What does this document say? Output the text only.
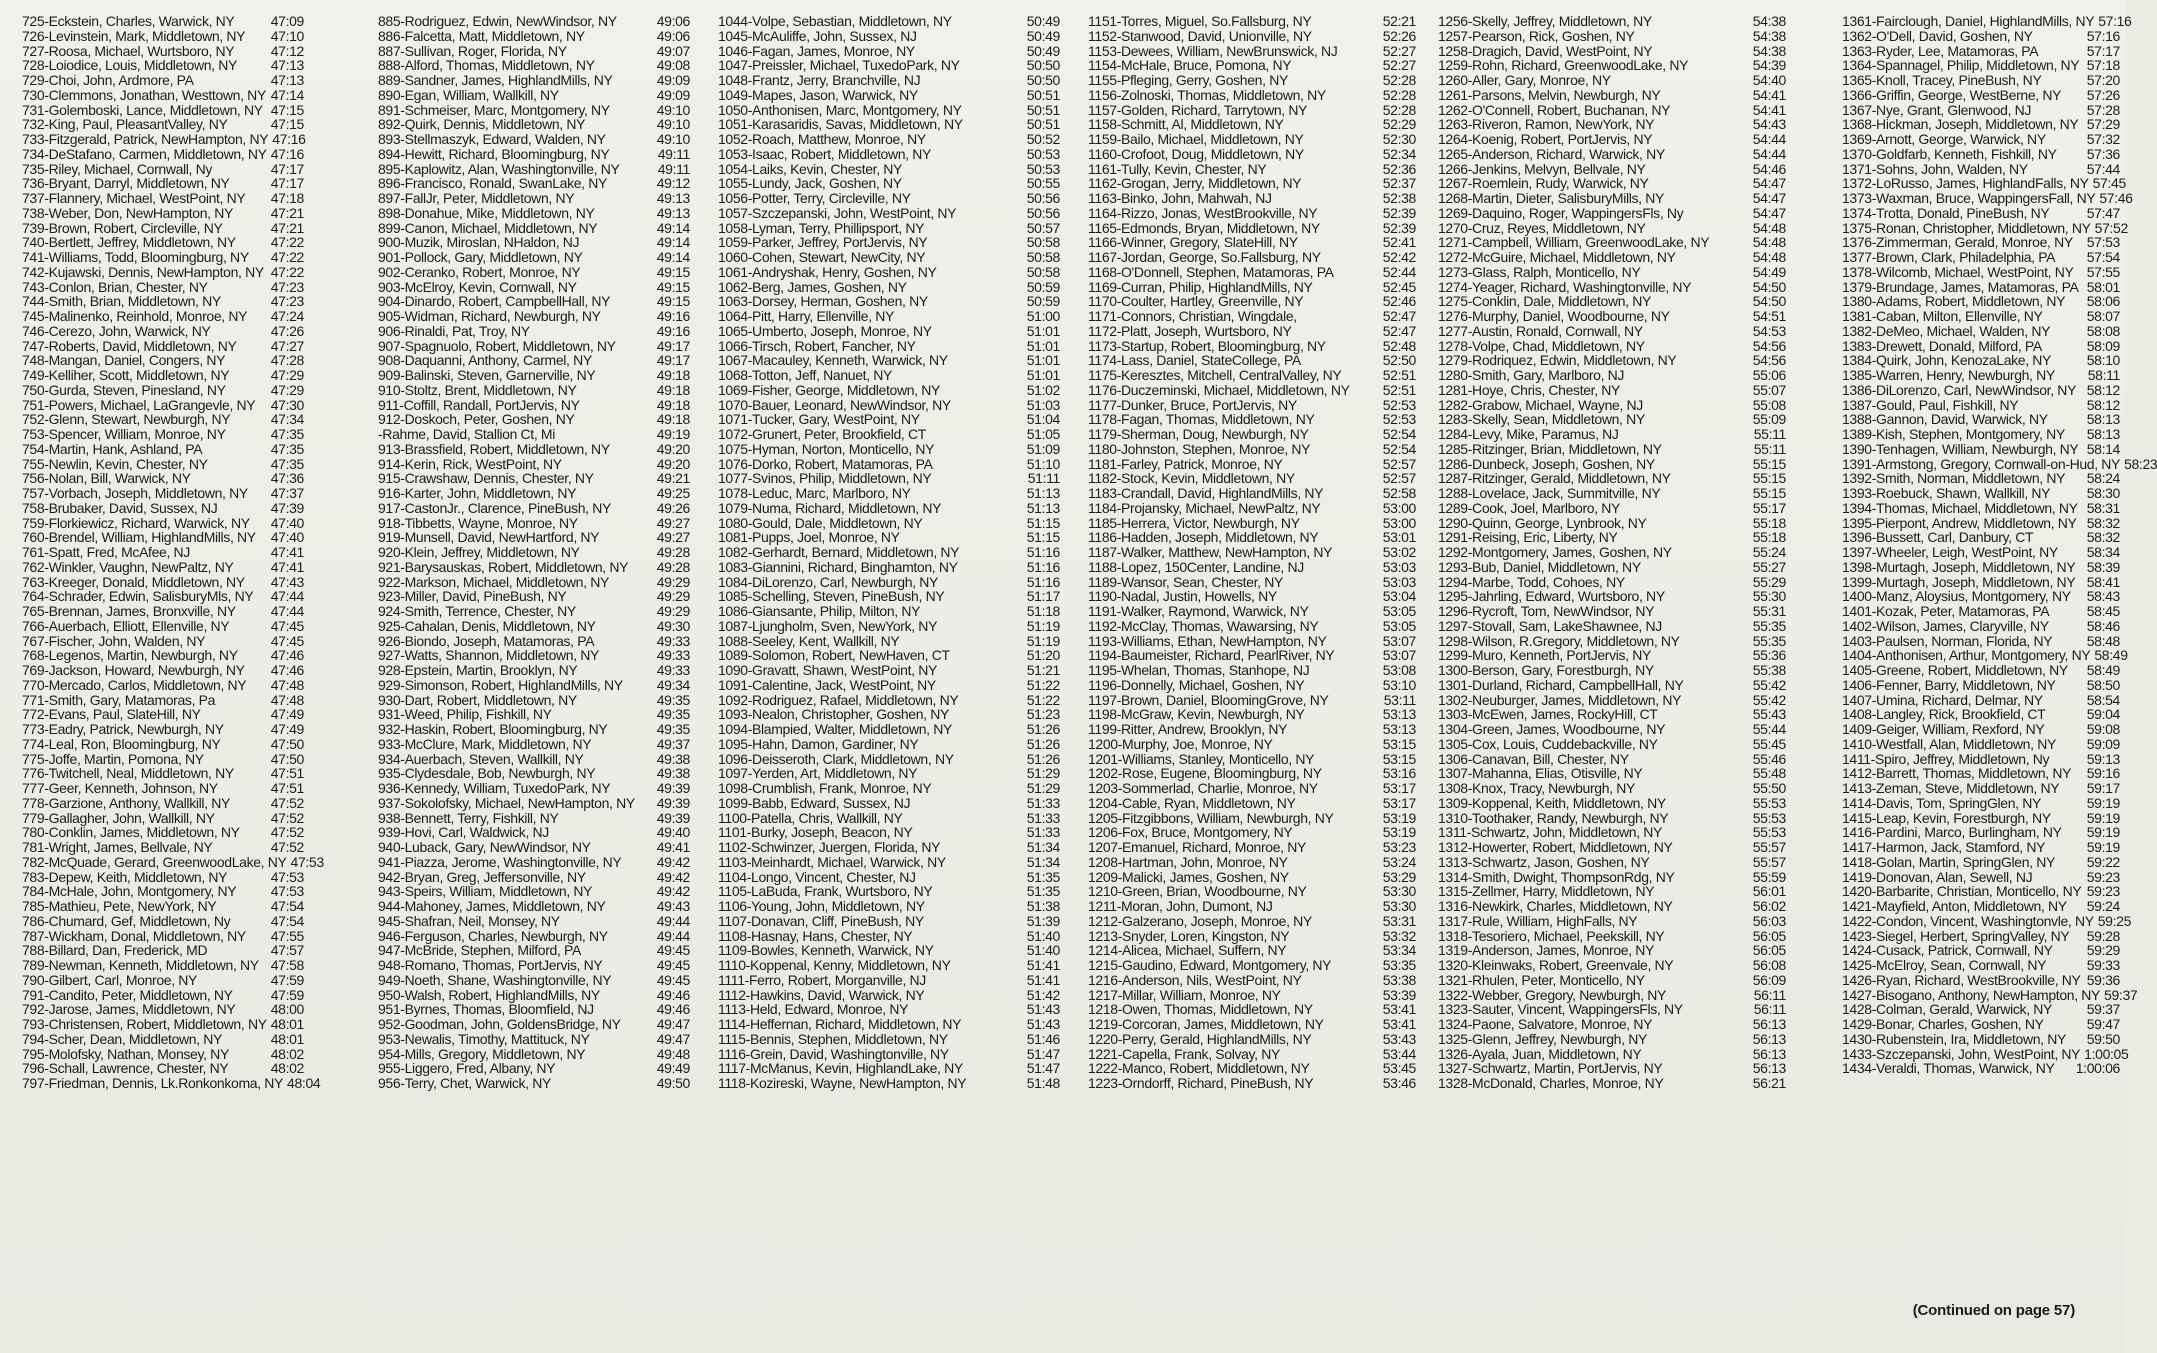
725-Eckstein, Charles, Warwick, NY	47:09
726-Levinstein, Mark, Middletown, NY 47:10
727-Roosa, Michael, Wurtsboro, NY	47:12
728-Loiodice, Louis, Middletown, NY 47:13
729-Choi, John, Ardmore, PA	47:13
730-Clemmons, Jonathan, Westtown, NY 47:14
731-Golemboski, Lance, Middletown, NY 47:15
732-King, Paul, PleasantValley, NY	47:15
733-Fitzgerald, Patrick, NewHampton, NY 47:16
734-DeStafano, Carmen, Middletown, NY 47:16
735-Riley, Michael, Cornwall, Ny	47:17
736-Bryant, Darryl, Middletown, NY	47:17
737-Flannery, Michael, WestPoint, NY 47:18
738-Weber, Don, NewHampton, NY	47:21
739-Brown, Robert, Circleville, NY	47:21
740-Bertlett, Jeffrey, Middletown, NY 47:22
741-Williams, Todd, Bloomingburg, NY 47:22
742-Kujawski, Dennis, NewHampton, NY 47:22
743-Conlon, Brian, Chester, NY	47:23
744-Smith, Brian, Middletown, NY	47:23
745-Malinenko, Reinhold, Monroe, NY 47:24
746-Cerezo, John, Warwick, NY	47:26
747-Roberts, David, Middletown, NY 47:27
748-Mangan, Daniel, Congers, NY	47:28
749-Kelliher, Scott, Middletown, NY	47:29
750-Gurda, Steven, Pinesland, NY	47:29
751-Powers, Michael, LaGrangevle, NY 47:30
752-Glenn, Stewart, Newburgh, NY	47:34
753-Spencer, William, Monroe, NY	47:35
754-Martin, Hank, Ashland, PA	47:35
755-Newlin, Kevin, Chester, NY	47:35
756-Nolan, Bill, Warwick, NY	47:36
757-Vorbach, Joseph, Middletown, NY 47:37
758-Brubaker, David, Sussex, NJ	47:39
759-Florkiewicz, Richard, Warwick, NY 47:40
760-Brendel, William, HighlandMills, NY 47:40
761-Spatt, Fred, McAfee, NJ	47:41
762-Winkler, Vaughn, NewPaltz, NY	47:41
763-Kreeger, Donald, Middletown, NY 47:43
764-Schrader, Edwin, SalisburyMls, NY 47:44
765-Brennan, James, Bronxville, NY 47:44
766-Auerbach, Elliott, Ellenville, NY	47:45
767-Fischer, John, Walden, NY	47:45
768-Legenos, Martin, Newburgh, NY 47:46
769-Jackson, Howard, Newburgh, NY 47:46
770-Mercado, Carlos, Middletown, NY 47:48
771-Smith, Gary, Matamoras, Pa	47:48
772-Evans, Paul, SlateHill, NY	47:49
773-Eadry, Patrick, Newburgh, NY	47:49
774-Leal, Ron, Bloomingburg, NY	47:50
775-Joffe, Martin, Pomona, NY	47:50
776-Twitchell, Neal, Middletown, NY	47:51
777-Geer, Kenneth, Johnson, NY	47:51
778-Garzione, Anthony, Wallkill, NY	47:52
779-Gallagher, John, Wallkill, NY	47:52
780-Conklin, James, Middletown, NY 47:52
781-Wright, James, Bellvale, NY	47:52
782-McQuade, Gerard, GreenwoodLake, NY 47:53
783-Depew, Keith, Middletown, NY	47:53
784-McHale, John, Montgomery, NY 47:53
785-Mathieu, Pete, NewYork, NY	47:54
786-Chumard, Gef, Middletown, Ny	47:54
787-Wickham, Donal, Middletown, NY 47:55
788-Billard, Dan, Frederick, MD	47:57
789-Newman, Kenneth, Middletown, NY 47:58
790-Gilbert, Carl, Monroe, NY	47:59
791-Candito, Peter, Middletown, NY	47:59
792-Jarose, James, Middletown, NY	48:00
793-Christensen, Robert, Middletown, NY 48:01
794-Scher, Dean, Middletown, NY	48:01
795-Molofsky, Nathan, Monsey, NY	48:02
796-Schall, Lawrence, Chester, NY	48:02
797-Friedman, Dennis, Lk.Ronkonkoma, NY 48:04
885-Rodriguez, Edwin, NewWindsor, NY	49:06
886-Falcetta, Matt, Middletown, NY	49:06
887-Sullivan, Roger, Florida, NY	49:07
888-Alford, Thomas, Middletown, NY	49:08
889-Sandner, James, HighlandMills, NY	49:09
890-Egan, William, Wallkill, NY	49:09
891-Schmeiser, Marc, Montgomery, NY	49:10
892-Quirk, Dennis, Middletown, NY	49:10
893-Stellmaszyk, Edward, Walden, NY	49:10
894-Hewitt, Richard, Bloomingburg, NY	49:11
895-Kaplowitz, Alan, Washingtonville, NY	49:11
896-Francisco, Ronald, SwanLake, NY	49:12
897-FallJr, Peter, Middletown, NY	49:13
898-Donahue, Mike, Middletown, NY	49:13
899-Canon, Michael, Middletown, NY	49:14
900-Muzik, Miroslan, NHaldon, NJ	49:14
901-Pollock, Gary, Middletown, NY	49:14
902-Ceranko, Robert, Monroe, NY	49:15
903-McElroy, Kevin, Cornwall, NY	49:15
904-Dinardo, Robert, CampbellHall, NY	49:15
905-Widman, Richard, Newburgh, NY	49:16
906-Rinaldi, Pat, Troy, NY	49:16
907-Spagnuolo, Robert, Middletown, NY	49:17
908-Daquanni, Anthony, Carmel, NY	49:17
909-Balinski, Steven, Garnerville, NY	49:18
910-Stoltz, Brent, Middletown, NY	49:18
911-Coffill, Randall, PortJervis, NY	49:18
912-Doskoch, Peter, Goshen, NY	49:18
-Rahme, David, Stallion Ct, Mi	49:19
913-Brassfield, Robert, Middletown, NY	49:20
914-Kerin, Rick, WestPoint, NY	49:20
915-Crawshaw, Dennis, Chester, NY	49:21
916-Karter, John, Middletown, NY	49:25
917-CastonJr., Clarence, PineBush, NY	49:26
918-Tibbetts, Wayne, Monroe, NY	49:27
919-Munsell, David, NewHartford, NY	49:27
920-Klein, Jeffrey, Middletown, NY	49:28
921-Barysauskas, Robert, Middletown, NY 49:28
922-Markson, Michael, Middletown, NY	49:29
923-Miller, David, PineBush, NY	49:29
924-Smith, Terrence, Chester, NY	49:29
925-Cahalan, Denis, Middletown, NY	49:30
926-Biondo, Joseph, Matamoras, PA	49:33
927-Watts, Shannon, Middletown, NY	49:33
928-Epstein, Martin, Brooklyn, NY	49:33
929-Simonson, Robert, HighlandMills, NY 49:34
930-Dart, Robert, Middletown, NY	49:35
931-Weed, Philip, Fishkill, NY	49:35
932-Haskin, Robert, Bloomingburg, NY	49:35
933-McClure, Mark, Middletown, NY	49:37
934-Auerbach, Steven, Wallkill, NY	49:38
935-Clydesdale, Bob, Newburgh, NY	49:38
936-Kennedy, William, TuxedoPark, NY	49:39
937-Sokolofsky, Michael, NewHampton, NY 49:39
938-Bennett, Terry, Fishkill, NY	49:39
939-Hovi, Carl, Waldwick, NJ	49:40
940-Luback, Gary, NewWindsor, NY	49:41
941-Piazza, Jerome, Washingtonville, NY	49:42
942-Bryan, Greg, Jeffersonville, NY	49:42
943-Speirs, William, Middletown, NY	49:42
944-Mahoney, James, Middletown, NY	49:43
945-Shafran, Neil, Monsey, NY	49:44
946-Ferguson, Charles, Newburgh, NY	49:44
947-McBride, Stephen, Milford, PA	49:45
948-Romano, Thomas, PortJervis, NY	49:45
949-Noeth, Shane, Washingtonville, NY	49:45
950-Walsh, Robert, HighlandMills, NY	49:46
951-Byrnes, Thomas, Bloomfield, NJ	49:46
952-Goodman, John, GoldensBridge, NY	49:47
953-Newalis, Timothy, Mattituck, NY	49:47
954-Mills, Gregory, Middletown, NY	49:48
955-Liggero, Fred, Albany, NY	49:49
956-Terry, Chet, Warwick, NY	49:50
1044-Volpe, Sebastian, Middletown, NY	50:49
1045-McAuliffe, John, Sussex, NJ	50:49
1046-Fagan, James, Monroe, NY	50:49
1047-Preissler, Michael, TuxedoPark, NY	50:50
1048-Frantz, Jerry, Branchville, NJ	50:50
1049-Mapes, Jason, Warwick, NY	50:51
1050-Anthonisen, Marc, Montgomery, NY	50:51
1051-Karasaridis, Savas, Middletown, NY	50:51
1052-Roach, Matthew, Monroe, NY	50:52
1053-Isaac, Robert, Middletown, NY	50:53
1054-Laiks, Kevin, Chester, NY	50:53
1055-Lundy, Jack, Goshen, NY	50:55
1056-Potter, Terry, Circleville, NY	50:56
1057-Szczepanski, John, WestPoint, NY	50:56
1058-Lyman, Terry, Phillipsport, NY	50:57
1059-Parker, Jeffrey, PortJervis, NY	50:58
1060-Cohen, Stewart, NewCity, NY	50:58
1061-Andryshak, Henry, Goshen, NY	50:58
1062-Berg, James, Goshen, NY	50:59
1063-Dorsey, Herman, Goshen, NY	50:59
1064-Pitt, Harry, Ellenville, NY	51:00
1065-Umberto, Joseph, Monroe, NY	51:01
1066-Tirsch, Robert, Fancher, NY	51:01
1067-Macauley, Kenneth, Warwick, NY	51:01
1068-Totton, Jeff, Nanuet, NY	51:01
1069-Fisher, George, Middletown, NY	51:02
1070-Bauer, Leonard, NewWindsor, NY	51:03
1071-Tucker, Gary, WestPoint, NY	51:04
1072-Grunert, Peter, Brookfield, CT	51:05
1075-Hyman, Norton, Monticello, NY	51:09
1076-Dorko, Robert, Matamoras, PA	51:10
1077-Svinos, Philip, Middletown, NY	51:11
1078-Leduc, Marc, Marlboro, NY	51:13
1079-Numa, Richard, Middletown, NY	51:13
1080-Gould, Dale, Middletown, NY	51:15
1081-Pupps, Joel, Monroe, NY	51:15
1082-Gerhardt, Bernard, Middletown, NY	51:16
1083-Giannini, Richard, Binghamton, NY	51:16
1084-DiLorenzo, Carl, Newburgh, NY	51:16
1085-Schelling, Steven, PineBush, NY	51:17
1086-Giansante, Philip, Milton, NY	51:18
1087-Ljungholm, Sven, NewYork, NY	51:19
1088-Seeley, Kent, Wallkill, NY	51:19
1089-Solomon, Robert, NewHaven, CT	51:20
1090-Gravatt, Shawn, WestPoint, NY	51:21
1091-Calentine, Jack, WestPoint, NY	51:22
1092-Rodriguez, Rafael, Middletown, NY	51:22
1093-Nealon, Christopher, Goshen, NY	51:23
1094-Blampied, Walter, Middletown, NY	51:26
1095-Hahn, Damon, Gardiner, NY	51:26
1096-Deisseroth, Clark, Middletown, NY	51:26
1097-Yerden, Art, Middletown, NY	51:29
1098-Crumblish, Frank, Monroe, NY	51:29
1099-Babb, Edward, Sussex, NJ	51:33
1100-Patella, Chris, Wallkill, NY	51:33
1101-Burky, Joseph, Beacon, NY	51:33
1102-Schwinzer, Juergen, Florida, NY	51:34
1103-Meinhardt, Michael, Warwick, NY	51:34
1104-Longo, Vincent, Chester, NJ	51:35
1105-LaBuda, Frank, Wurtsboro, NY	51:35
1106-Young, John, Middletown, NY	51:38
1107-Donavan, Cliff, PineBush, NY	51:39
1108-Hasnay, Hans, Chester, NY	51:40
1109-Bowles, Kenneth, Warwick, NY	51:40
1110-Koppenal, Kenny, Middletown, NY	51:41
1111-Ferro, Robert, Morganville, NJ	51:41
1112-Hawkins, David, Warwick, NY	51:42
1113-Held, Edward, Monroe, NY	51:43
1114-Heffernan, Richard, Middletown, NY	51:43
1115-Bennis, Stephen, Middletown, NY	51:46
1116-Grein, David, Washingtonville, NY	51:47
1117-McManus, Kevin, HighlandLake, NY	51:47
1118-Kozireski, Wayne, NewHampton, NY	51:48
1151-Torres, Miguel, So.Fallsburg, NY	52:21
1152-Stanwood, David, Unionville, NY	52:26
1153-Dewees, William, NewBrunswick, NJ	52:27
1154-McHale, Bruce, Pomona, NY	52:27
1155-Pfleging, Gerry, Goshen, NY	52:28
1156-Zolnoski, Thomas, Middletown, NY	52:28
1157-Golden, Richard, Tarrytown, NY	52:28
1158-Schmitt, Al, Middletown, NY	52:29
1159-Bailo, Michael, Middletown, NY	52:30
1160-Crofoot, Doug, Middletown, NY	52:34
1161-Tully, Kevin, Chester, NY	52:36
1162-Grogan, Jerry, Middletown, NY	52:37
1163-Binko, John, Mahwah, NJ	52:38
1164-Rizzo, Jonas, WestBrookville, NY	52:39
1165-Edmonds, Bryan, Middletown, NY	52:39
1166-Winner, Gregory, SlateHill, NY	52:41
1167-Jordan, George, So.Fallsburg, NY	52:42
1168-O'Donnell, Stephen, Matamoras, PA	52:44
1169-Curran, Philip, HighlandMills, NY	52:45
1170-Coulter, Hartley, Greenville, NY	52:46
1171-Connors, Christian, Wingdale,	52:47
1172-Platt, Joseph, Wurtsboro, NY	52:47
1173-Startup, Robert, Bloomingburg, NY	52:48
1174-Lass, Daniel, StateCollege, PA	52:50
1175-Keresztes, Mitchell, CentralValley, NY	52:51
1176-Duczeminski, Michael, Middletown, NY 52:51
1177-Dunker, Bruce, PortJervis, NY	52:53
1178-Fagan, Thomas, Middletown, NY	52:53
1179-Sherman, Doug, Newburgh, NY	52:54
1180-Johnston, Stephen, Monroe, NY	52:54
1181-Farley, Patrick, Monroe, NY	52:57
1182-Stock, Kevin, Middletown, NY	52:57
1183-Crandall, David, HighlandMills, NY	52:58
1184-Projansky, Michael, NewPaltz, NY	53:00
1185-Herrera, Victor, Newburgh, NY	53:00
1186-Hadden, Joseph, Middletown, NY	53:01
1187-Walker, Matthew, NewHampton, NY	53:02
1188-Lopez, 150Center, Landine, NJ	53:03
1189-Wansor, Sean, Chester, NY	53:03
1190-Nadal, Justin, Howells, NY	53:04
1191-Walker, Raymond, Warwick, NY	53:05
1192-McClay, Thomas, Wawarsing, NY	53:05
1193-Williams, Ethan, NewHampton, NY	53:07
1194-Baumeister, Richard, PearlRiver, NY	53:07
1195-Whelan, Thomas, Stanhope, NJ	53:08
1196-Donnelly, Michael, Goshen, NY	53:10
1197-Brown, Daniel, BloomingGrove, NY	53:11
1198-McGraw, Kevin, Newburgh, NY	53:13
1199-Ritter, Andrew, Brooklyn, NY	53:13
1200-Murphy, Joe, Monroe, NY	53:15
1201-Williams, Stanley, Monticello, NY	53:15
1202-Rose, Eugene, Bloomingburg, NY	53:16
1203-Sommerlad, Charlie, Monroe, NY	53:17
1204-Cable, Ryan, Middletown, NY	53:17
1205-Fitzgibbons, William, Newburgh, NY	53:19
1206-Fox, Bruce, Montgomery, NY	53:19
1207-Emanuel, Richard, Monroe, NY	53:23
1208-Hartman, John, Monroe, NY	53:24
1209-Malicki, James, Goshen, NY	53:29
1210-Green, Brian, Woodbourne, NY	53:30
1211-Moran, John, Dumont, NJ	53:30
1212-Galzerano, Joseph, Monroe, NY	53:31
1213-Snyder, Loren, Kingston, NY	53:32
1214-Alicea, Michael, Suffern, NY	53:34
1215-Gaudino, Edward, Montgomery, NY	53:35
1216-Anderson, Nils, WestPoint, NY	53:38
1217-Millar, William, Monroe, NY	53:39
1218-Owen, Thomas, Middletown, NY	53:41
1219-Corcoran, James, Middletown, NY	53:41
1220-Perry, Gerald, HighlandMills, NY	53:43
1221-Capella, Frank, Solvay, NY	53:44
1222-Manco, Robert, Middletown, NY	53:45
1223-Orndorff, Richard, PineBush, NY	53:46
1256-Skelly, Jeffrey, Middletown, NY	54:38
1257-Pearson, Rick, Goshen, NY	54:38
1258-Dragich, David, WestPoint, NY	54:38
1259-Rohn, Richard, GreenwoodLake, NY	54:39
1260-Aller, Gary, Monroe, NY	54:40
1261-Parsons, Melvin, Newburgh, NY	54:41
1262-O'Connell, Robert, Buchanan, NY	54:41
1263-Riveron, Ramon, NewYork, NY	54:43
1264-Koenig, Robert, PortJervis, NY	54:44
1265-Anderson, Richard, Warwick, NY	54:44
1266-Jenkins, Melvyn, Bellvale, NY	54:46
1267-Roemlein, Rudy, Warwick, NY	54:47
1268-Martin, Dieter, SalisburyMills, NY	54:47
1269-Daquino, Roger, WappingersFls, Ny	54:47
1270-Cruz, Reyes, Middletown, NY	54:48
1271-Campbell, William, GreenwoodLake, NY	54:48
1272-McGuire, Michael, Middletown, NY	54:48
1273-Glass, Ralph, Monticello, NY	54:49
1274-Yeager, Richard, Washingtonville, NY	54:50
1275-Conklin, Dale, Middletown, NY	54:50
1276-Murphy, Daniel, Woodbourne, NY	54:51
1277-Austin, Ronald, Cornwall, NY	54:53
1278-Volpe, Chad, Middletown, NY	54:56
1279-Rodriquez, Edwin, Middletown, NY	54:56
1280-Smith, Gary, Marlboro, NJ	55:06
1281-Hoye, Chris, Chester, NY	55:07
1282-Grabow, Michael, Wayne, NJ	55:08
1283-Skelly, Sean, Middletown, NY	55:09
1284-Levy, Mike, Paramus, NJ	55:11
1285-Ritzinger, Brian, Middletown, NY	55:11
1286-Dunbeck, Joseph, Goshen, NY	55:15
1287-Ritzinger, Gerald, Middletown, NY	55:15
1288-Lovelace, Jack, Summitville, NY	55:15
1289-Cook, Joel, Marlboro, NY	55:17
1290-Quinn, George, Lynbrook, NY	55:18
1291-Reising, Eric, Liberty, NY	55:18
1292-Montgomery, James, Goshen, NY	55:24
1293-Bub, Daniel, Middletown, NY	55:27
1294-Marbe, Todd, Cohoes, NY	55:29
1295-Jahrling, Edward, Wurtsboro, NY	55:30
1296-Rycroft, Tom, NewWindsor, NY	55:31
1297-Stovall, Sam, LakeShawnee, NJ	55:35
1298-Wilson, R.Gregory, Middletown, NY	55:35
1299-Muro, Kenneth, PortJervis, NY	55:36
1300-Berson, Gary, Forestburgh, NY	55:38
1301-Durland, Richard, CampbellHall, NY	55:42
1302-Neuburger, James, Middletown, NY	55:42
1303-McEwen, James, RockyHill, CT	55:43
1304-Green, James, Woodbourne, NY	55:44
1305-Cox, Louis, Cuddebackville, NY	55:45
1306-Canavan, Bill, Chester, NY	55:46
1307-Mahanna, Elias, Otisville, NY	55:48
1308-Knox, Tracy, Newburgh, NY	55:50
1309-Koppenal, Keith, Middletown, NY	55:53
1310-Toothaker, Randy, Newburgh, NY	55:53
1311-Schwartz, John, Middletown, NY	55:53
1312-Howerter, Robert, Middletown, NY	55:57
1313-Schwartz, Jason, Goshen, NY	55:57
1314-Smith, Dwight, ThompsonRdg, NY	55:59
1315-Zellmer, Harry, Middletown, NY	56:01
1316-Newkirk, Charles, Middletown, NY	56:02
1317-Rule, William, HighFalls, NY	56:03
1318-Tesoriero, Michael, Peekskill, NY	56:05
1319-Anderson, James, Monroe, NY	56:05
1320-Kleinwaks, Robert, Greenvale, NY	56:08
1321-Rhulen, Peter, Monticello, NY	56:09
1322-Webber, Gregory, Newburgh, NY	56:11
1323-Sauter, Vincent, WappingersFls, NY	56:11
1324-Paone, Salvatore, Monroe, NY	56:13
1325-Glenn, Jeffrey, Newburgh, NY	56:13
1326-Ayala, Juan, Middletown, NY	56:13
1327-Schwartz, Martin, PortJervis, NY	56:13
1328-McDonald, Charles, Monroe, NY	56:21
1361-Fairclough, Daniel, HighlandMills, NY 57:16
1362-O'Dell, David, Goshen, NY	57:16
1363-Ryder, Lee, Matamoras, PA	57:17
1364-Spannagel, Philip, Middletown, NY 57:18
1365-Knoll, Tracey, PineBush, NY	57:20
1366-Griffin, George, WestBerne, NY 57:26
1367-Nye, Grant, Glenwood, NJ	57:28
1368-Hickman, Joseph, Middletown, NY 57:29
1369-Arnott, George, Warwick, NY	57:32
1370-Goldfarb, Kenneth, Fishkill, NY 57:36
1371-Sohns, John, Walden, NY	57:44
1372-LoRusso, James, HighlandFalls, NY 57:45
1373-Waxman, Bruce, WappingersFall, NY 57:46
1374-Trotta, Donald, PineBush, NY	57:47
1375-Ronan, Christopher, Middletown, NY 57:52
1376-Zimmerman, Gerald, Monroe, NY 57:53
1377-Brown, Clark, Philadelphia, PA 57:54
1378-Wilcomb, Michael, WestPoint, NY 57:55
1379-Brundage, James, Matamoras, PA 58:01
1380-Adams, Robert, Middletown, NY 58:06
1381-Caban, Milton, Ellenville, NY	58:07
1382-DeMeo, Michael, Walden, NY	58:08
1383-Drewett, Donald, Milford, PA	58:09
1384-Quirk, John, KenozaLake, NY	58:10
1385-Warren, Henry, Newburgh, NY 58:11
1386-DiLorenzo, Carl, NewWindsor, NY 58:12
1387-Gould, Paul, Fishkill, NY	58:12
1388-Gannon, David, Warwick, NY	58:13
1389-Kish, Stephen, Montgomery, NY 58:13
1390-Tenhagen, William, Newburgh, NY 58:14
1391-Armstong, Gregory, Cornwall-on-Hud, NY 58:23
1392-Smith, Norman, Middletown, NY 58:24
1393-Roebuck, Shawn, Wallkill, NY	58:30
1394-Thomas, Michael, Middletown, NY 58:31
1395-Pierpont, Andrew, Middletown, NY 58:32
1396-Bussett, Carl, Danbury, CT	58:32
1397-Wheeler, Leigh, WestPoint, NY 58:34
1398-Murtagh, Joseph, Middletown, NY 58:39
1399-Murtagh, Joseph, Middletown, NY 58:41
1400-Manz, Aloysius, Montgomery, NY 58:43
1401-Kozak, Peter, Matamoras, PA	58:45
1402-Wilson, James, Claryville, NY	58:46
1403-Paulsen, Norman, Florida, NY 58:48
1404-Anthonisen, Arthur, Montgomery, NY 58:49
1405-Greene, Robert, Middletown, NY 58:49
1406-Fenner, Barry, Middletown, NY 58:50
1407-Umina, Richard, Delmar, NY	58:54
1408-Langley, Rick, Brookfield, CT	59:04
1409-Geiger, William, Rexford, NY	59:08
1410-Westfall, Alan, Middletown, NY 59:09
1411-Spiro, Jeffrey, Middletown, Ny	59:13
1412-Barrett, Thomas, Middletown, NY 59:16
1413-Zeman, Steve, Middletown, NY 59:17
1414-Davis, Tom, SpringGlen, NY	59:19
1415-Leap, Kevin, Forestburgh, NY	59:19
1416-Pardini, Marco, Burlingham, NY 59:19
1417-Harmon, Jack, Stamford, NY	59:19
1418-Golan, Martin, SpringGlen, NY 59:22
1419-Donovan, Alan, Sewell, NJ	59:23
1420-Barbarite, Christian, Monticello, NY 59:23
1421-Mayfield, Anton, Middletown, NY 59:24
1422-Condon, Vincent, Washingtonvle, NY 59:25
1423-Siegel, Herbert, SpringValley, NY 59:28
1424-Cusack, Patrick, Cornwall, NY 59:29
1425-McElroy, Sean, Cornwall, NY	59:33
1426-Ryan, Richard, WestBrookville, NY 59:36
1427-Bisogano, Anthony, NewHampton, NY 59:37
1428-Colman, Gerald, Warwick, NY 59:37
1429-Bonar, Charles, Goshen, NY	59:47
1430-Rubenstein, Ira, Middletown, NY 59:50
1433-Szczepanski, John, WestPoint, NY 1:00:05
1434-Veraldi, Thomas, Warwick, NY 1:00:06
(Continued on page 57)
